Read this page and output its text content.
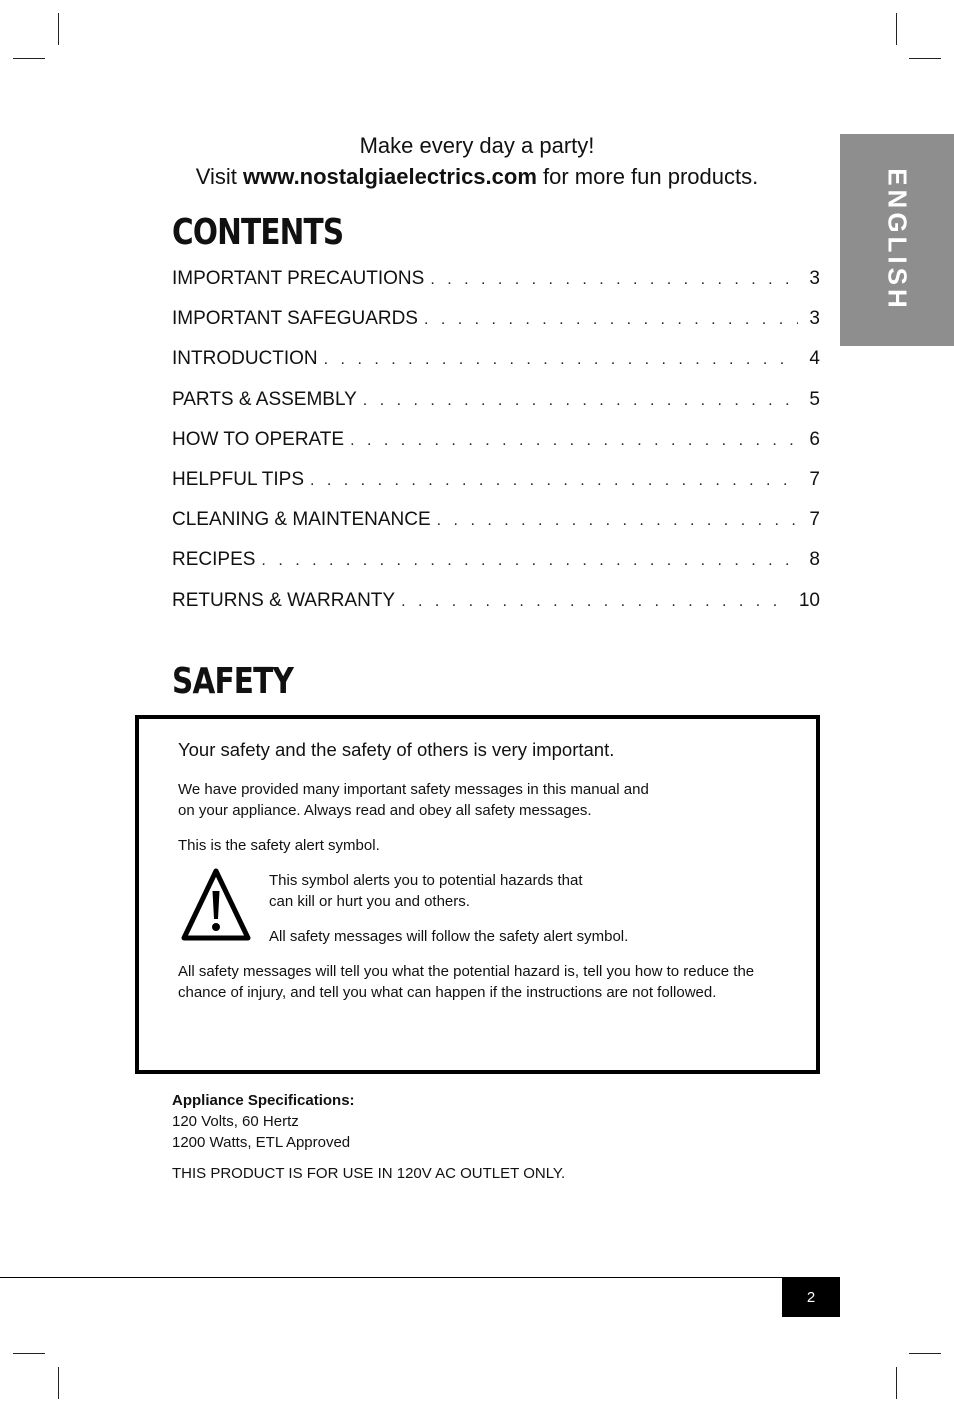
Make every day a party!
Visit www.nostalgiaelectrics.com for more fun products.	ENGLISH
CONTENTS
IMPORTANT PRECAUTIONS . . .	3
IMPORTANT SAFEGUARDS . . .	3
INTRODUCTION . . .	4
PARTS & ASSEMBLY . . .	5
HOW TO OPERATE . . .	6
HELPFUL TIPS . . .	7
CLEANING & MAINTENANCE . . .	7
RECIPES . . .	8
RETURNS & WARRANTY . . .	10
SAFETY

Your safety and the safety of others is very important.

We have provided many important safety messages in this manual and
on your appliance. Always read and obey all safety messages.

This is the safety alert symbol.

This symbol alerts you to potential hazards that
can kill or hurt you and others.

All safety messages will follow the safety alert symbol.

All safety messages will tell you what the potential hazard is, tell you how to reduce the
chance of injury, and tell you what can happen if the instructions are not followed.

Appliance Specifications:
120 Volts, 60 Hertz
1200 Watts, ETL Approved
THIS PRODUCT IS FOR USE IN 120V AC OUTLET ONLY.
2
